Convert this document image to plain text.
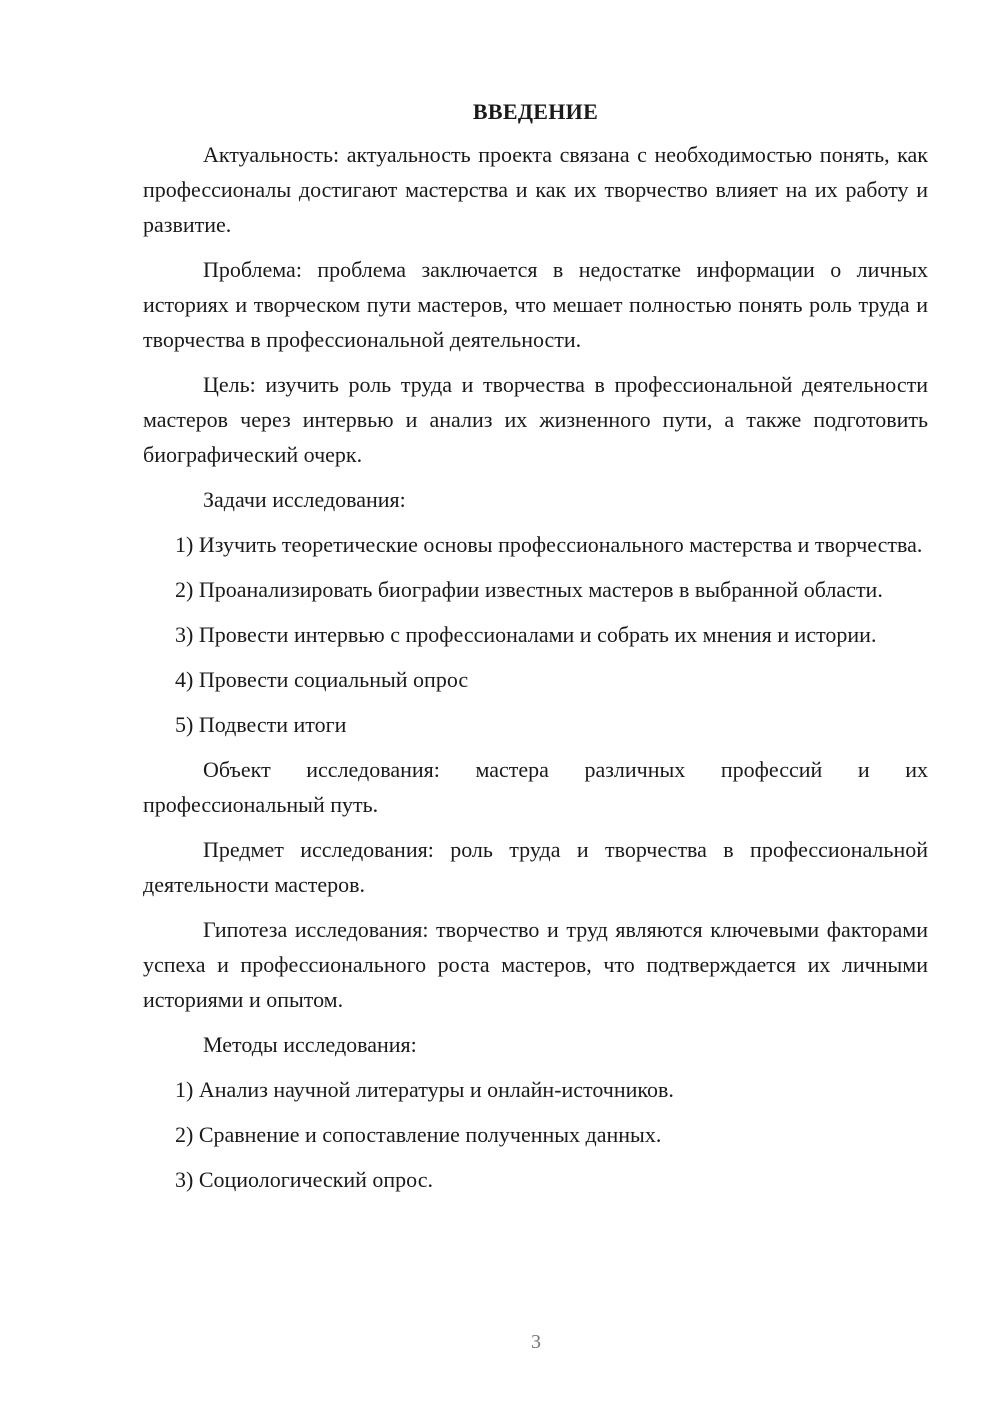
ВВЕДЕНИЕ

Актуальность: актуальность проекта связана с необходимостью понять, как профессионалы достигают мастерства и как их творчество влияет на их работу и развитие.

Проблема: проблема заключается в недостатке информации о личных историях и творческом пути мастеров, что мешает полностью понять роль труда и творчества в профессиональной деятельности.

Цель: изучить роль труда и творчества в профессиональной деятельности мастеров через интервью и анализ их жизненного пути, а также подготовить биографический очерк.

Задачи исследования:

1) Изучить теоретические основы профессионального мастерства и творчества.

2) Проанализировать биографии известных мастеров в выбранной области.

3) Провести интервью с профессионалами и собрать их мнения и истории.

4) Провести социальный опрос

5) Подвести итоги

Объект исследования: мастера различных профессий и их профессиональный путь.

Предмет исследования: роль труда и творчества в профессиональной деятельности мастеров.

Гипотеза исследования: творчество и труд являются ключевыми факторами успеха и профессионального роста мастеров, что подтверждается их личными историями и опытом.

Методы исследования:

1) Анализ научной литературы и онлайн-источников.

2) Сравнение и сопоставление полученных данных.

3) Социологический опрос.

3
